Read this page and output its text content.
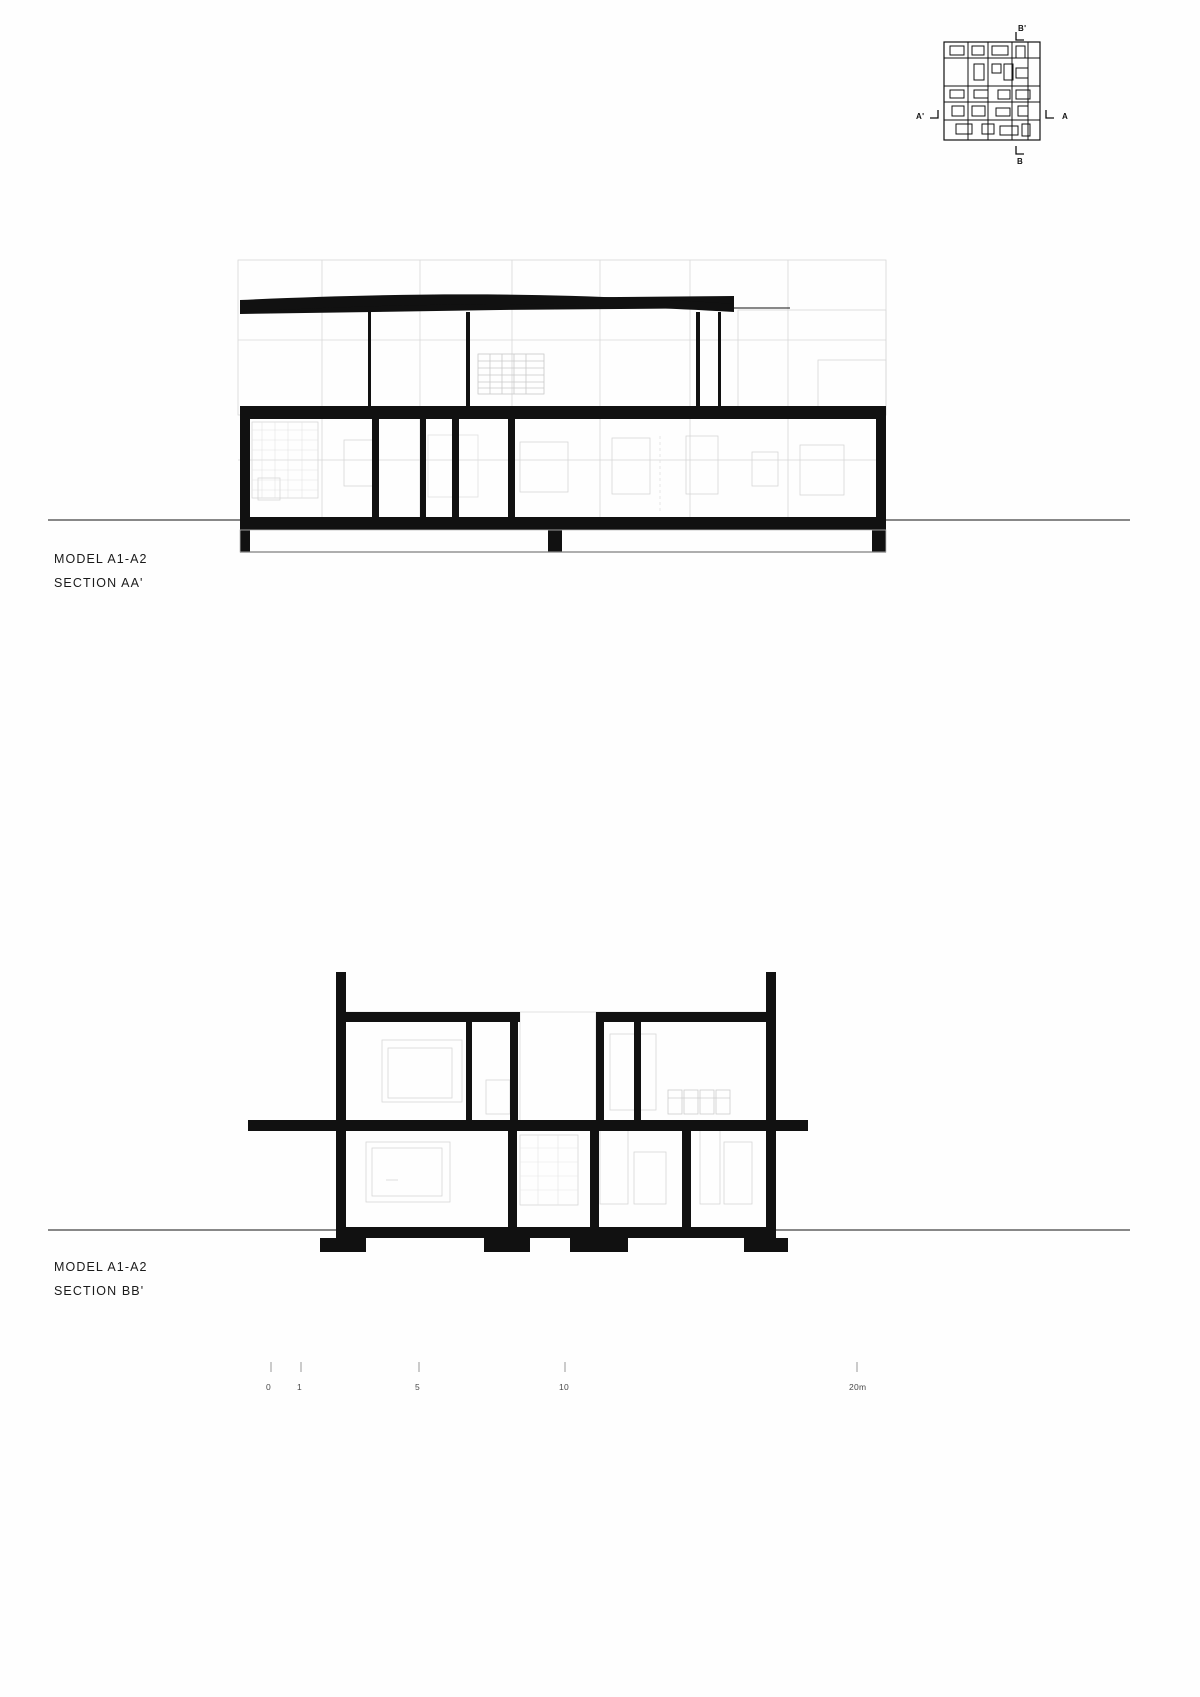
B'
A'	A
B
MODEL A1-A2
SECTION AA'
MODEL A1-A2
SECTION BB'
0	1	5	10	20m
